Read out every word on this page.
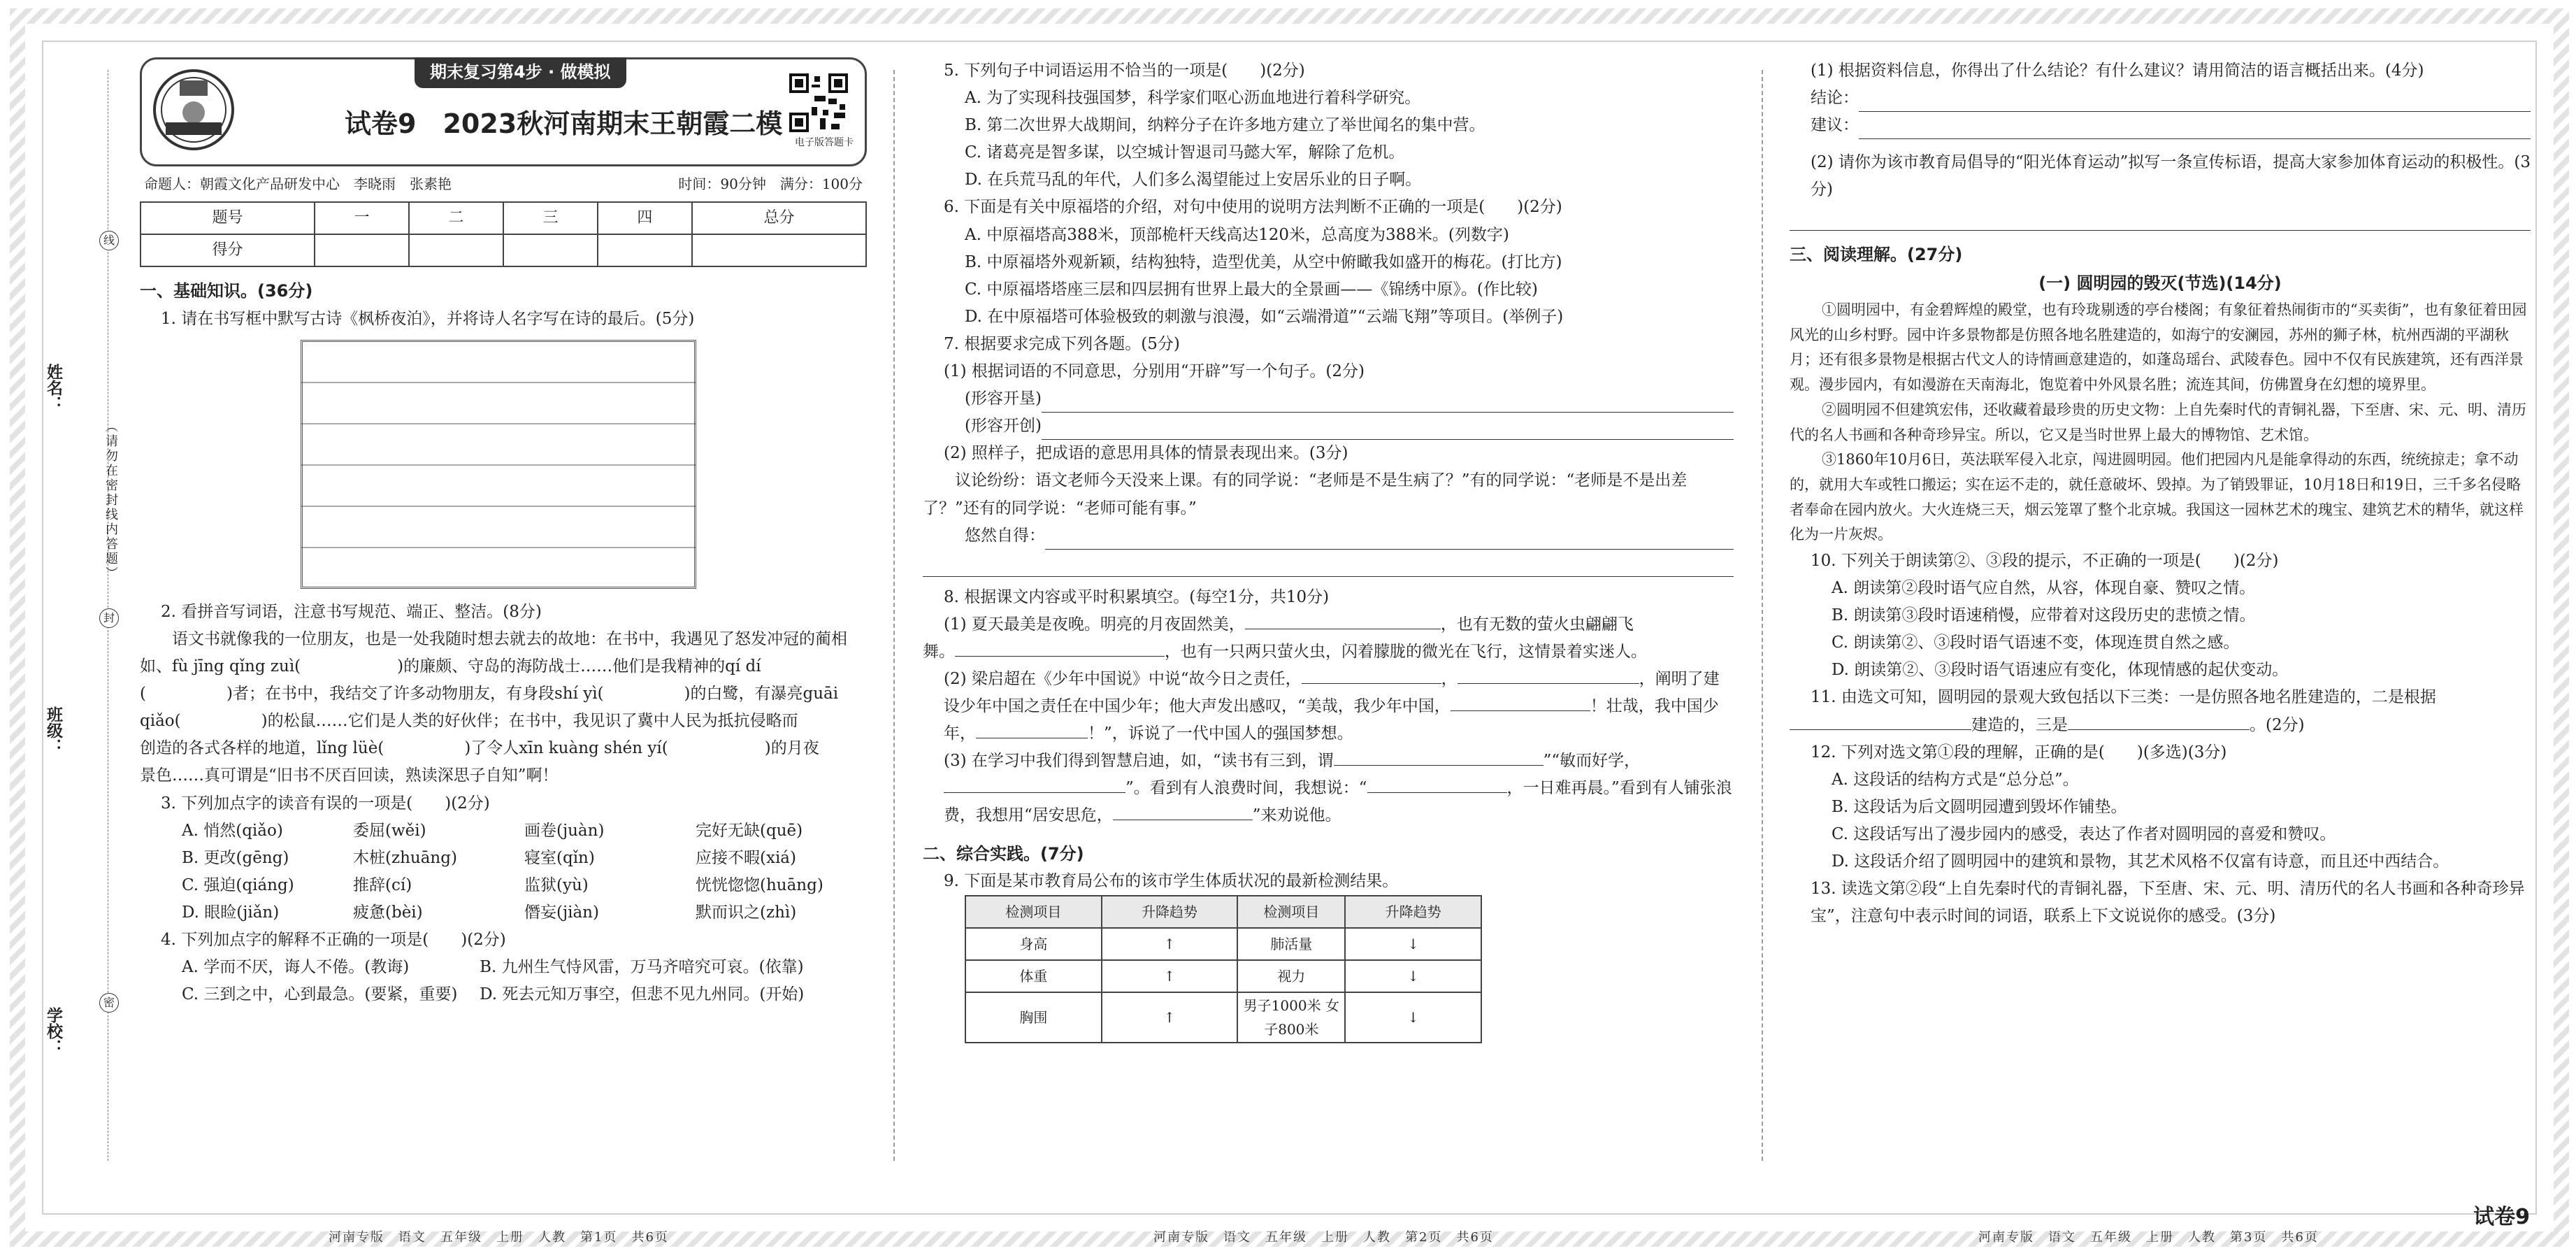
姓名：
班级：
学校：
（请勿在密封线内答题）
线
封
密
期末复习第4步 · 做模拟
试卷9　2023秋河南期末王朝霞二模
电子版答题卡
命题人：朝霞文化产品研发中心　李晓雨　张素艳	时间：90分钟　满分：100分
题号	一	二	三	四	总分
得分					

一、基础知识。(36分)

1. 请在书写框中默写古诗《枫桥夜泊》，并将诗人名字写在诗的最后。(5分)

2. 看拼音写词语，注意书写规范、端正、整洁。(8分)

语文书就像我的一位朋友，也是一处我随时想去就去的故地：在书中，我遇见了怒发冲冠的蔺相如、fù jīng qǐng zuì(　　　　　　)的廉颇、守岛的海防战士……他们是我精神的qí dí

(　　　　　)者；在书中，我结交了许多动物朋友，有身段shí yì(　　　　　)的白鹭，有瀑亮guāi

qiǎo(　　　　　)的松鼠……它们是人类的好伙伴；在书中，我见识了冀中人民为抵抗侵略而

创造的各式各样的地道，lǐng lüè(　　　　　)了令人xīn kuàng shén yí(　　　　　　)的月夜

景色……真可谓是“旧书不厌百回读，熟读深思子自知”啊！

3. 下列加点字的读音有误的一项是(　　)(2分)

A. 悄然(qiǎo)	委屈(wěi)	画卷(juàn)	完好无缺(quē)
B. 更改(gēng)	木桩(zhuāng)	寝室(qǐn)	应接不暇(xiá)
C. 强迫(qiáng)	推辞(cí)	监狱(yù)	恍恍惚惚(huāng)
D. 眼睑(jiǎn)	疲惫(bèi)	僭妄(jiàn)	默而识之(zhì)

4. 下列加点字的解释不正确的一项是(　　)(2分)

A. 学而不厌，诲人不倦。(教诲)	B. 九州生气恃风雷，万马齐喑究可哀。(依靠)
C. 三到之中，心到最急。(要紧，重要)	D. 死去元知万事空，但悲不见九州同。(开始)
河南专版　语文　五年级　上册　人教　第1页　共6页

5. 下列句子中词语运用不恰当的一项是(　　)(2分)

A. 为了实现科技强国梦，科学家们呕心沥血地进行着科学研究。

B. 第二次世界大战期间，纳粹分子在许多地方建立了举世闻名的集中营。

C. 诸葛亮是智多谋，以空城计智退司马懿大军，解除了危机。

D. 在兵荒马乱的年代，人们多么渴望能过上安居乐业的日子啊。

6. 下面是有关中原福塔的介绍，对句中使用的说明方法判断不正确的一项是(　　)(2分)

A. 中原福塔高388米，顶部桅杆天线高达120米，总高度为388米。(列数字)

B. 中原福塔外观新颖，结构独特，造型优美，从空中俯瞰我如盛开的梅花。(打比方)

C. 中原福塔塔座三层和四层拥有世界上最大的全景画——《锦绣中原》。(作比较)

D. 在中原福塔可体验极致的刺激与浪漫，如“云端滑道”“云端飞翔”等项目。(举例子)

7. 根据要求完成下列各题。(5分)

(1) 根据词语的不同意思，分别用“开辟”写一个句子。(2分)

(形容开垦)

(形容开创)

(2) 照样子，把成语的意思用具体的情景表现出来。(3分)

议论纷纷：语文老师今天没来上课。有的同学说：“老师是不是生病了？”有的同学说：“老师是不是出差了？”还有的同学说：“老师可能有事。”

悠然自得：

8. 根据课文内容或平时积累填空。(每空1分，共10分)

(1) 夏天最美是夜晚。明亮的月夜固然美，	，也有无数的萤火虫翩翩飞

舞。	，也有一只两只萤火虫，闪着朦胧的微光在飞行，这情景着实迷人。

(2) 梁启超在《少年中国说》中说“故今日之责任，	，	，阐明了建设少年中国之责任在中国少年；他大声发出感叹，“美哉，我少年中国，	！壮哉，我中国少年，	！”，诉说了一代中国人的强国梦想。

(3) 在学习中我们得到智慧启迪，如，“读书有三到，谓	”“敏而好学，”。看到有人浪费时间，我想说：“	，一日难再晨。”看到有人铺张浪费，我想用“居安思危，	”来劝说他。

二、综合实践。(7分)

9. 下面是某市教育局公布的该市学生体质状况的最新检测结果。

检测项目	升降趋势	检测项目	升降趋势
身高	↑	肺活量	↓
体重	↑	视力	↓
胸围	↑	男子1000米 女子800米	↓
河南专版　语文　五年级　上册　人教　第2页　共6页

(1) 根据资料信息，你得出了什么结论？有什么建议？请用简洁的语言概括出来。(4分)

结论：

建议：

(2) 请你为该市教育局倡导的“阳光体育运动”拟写一条宣传标语，提高大家参加体育运动的积极性。(3分)

三、阅读理解。(27分)

(一) 圆明园的毁灭(节选)(14分)

①圆明园中，有金碧辉煌的殿堂，也有玲珑剔透的亭台楼阁；有象征着热闹街市的“买卖街”，也有象征着田园风光的山乡村野。园中许多景物都是仿照各地名胜建造的，如海宁的安澜园，苏州的狮子林，杭州西湖的平湖秋月；还有很多景物是根据古代文人的诗情画意建造的，如蓬岛瑶台、武陵春色。园中不仅有民族建筑，还有西洋景观。漫步园内，有如漫游在天南海北，饱览着中外风景名胜；流连其间，仿佛置身在幻想的境界里。

②圆明园不但建筑宏伟，还收藏着最珍贵的历史文物：上自先秦时代的青铜礼器，下至唐、宋、元、明、清历代的名人书画和各种奇珍异宝。所以，它又是当时世界上最大的博物馆、艺术馆。

③1860年10月6日，英法联军侵入北京，闯进圆明园。他们把园内凡是能拿得动的东西，统统掠走；拿不动的，就用大车或牲口搬运；实在运不走的，就任意破坏、毁掉。为了销毁罪证，10月18日和19日，三千多名侵略者奉命在园内放火。大火连烧三天，烟云笼罩了整个北京城。我国这一园林艺术的瑰宝、建筑艺术的精华，就这样化为一片灰烬。

10. 下列关于朗读第②、③段的提示，不正确的一项是(　　)(2分)

A. 朗读第②段时语气应自然，从容，体现自豪、赞叹之情。

B. 朗读第③段时语速稍慢，应带着对这段历史的悲愤之情。

C. 朗读第②、③段时语气语速不变，体现连贯自然之感。

D. 朗读第②、③段时语气语速应有变化，体现情感的起伏变动。

11. 由选文可知，圆明园的景观大致包括以下三类：一是仿照各地名胜建造的，二是根据

建造的，三是	。(2分)

12. 下列对选文第①段的理解，正确的是(　　)(多选)(3分)

A. 这段话的结构方式是“总分总”。

B. 这段话为后文圆明园遭到毁坏作铺垫。

C. 这段话写出了漫步园内的感受，表达了作者对圆明园的喜爱和赞叹。

D. 这段话介绍了圆明园中的建筑和景物，其艺术风格不仅富有诗意，而且还中西结合。

13. 读选文第②段“上自先秦时代的青铜礼器，下至唐、宋、元、明、清历代的名人书画和各种奇珍异宝”，注意句中表示时间的词语，联系上下文说说你的感受。(3分)

河南专版　语文　五年级　上册　人教　第3页　共6页
试卷9
